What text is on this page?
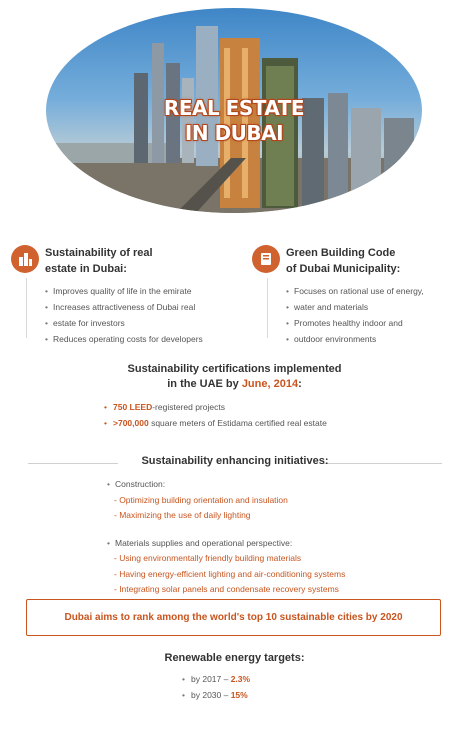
REAL ESTATE
IN DUBAI
Sustainability of real
estate in Dubai:
• Improves quality of life in the emirate
• Increases attractiveness of Dubai real
• estate for investors
• Reduces operating costs for developers
Green Building Code
of Dubai Municipality:
• Focuses on rational use of energy,
• water and materials
• Promotes healthy indoor and
• outdoor environments
Sustainability certifications implemented
in the UAE by June, 2014:
• 750 LEED-registered projects
• >700,000 square meters of Estidama certified real estate
Sustainability enhancing initiatives:
• Construction:
- Optimizing building orientation and insulation
- Maximizing the use of daily lighting
• Materials supplies and operational perspective:
- Using environmentally friendly building materials
- Having energy-efficient lighting and air-conditioning systems
- Integrating solar panels and condensate recovery systems
Dubai aims to rank among the world's top 10 sustainable cities by 2020
Renewable energy targets:
• by 2017 – 2.3%
• by 2030 – 15%
